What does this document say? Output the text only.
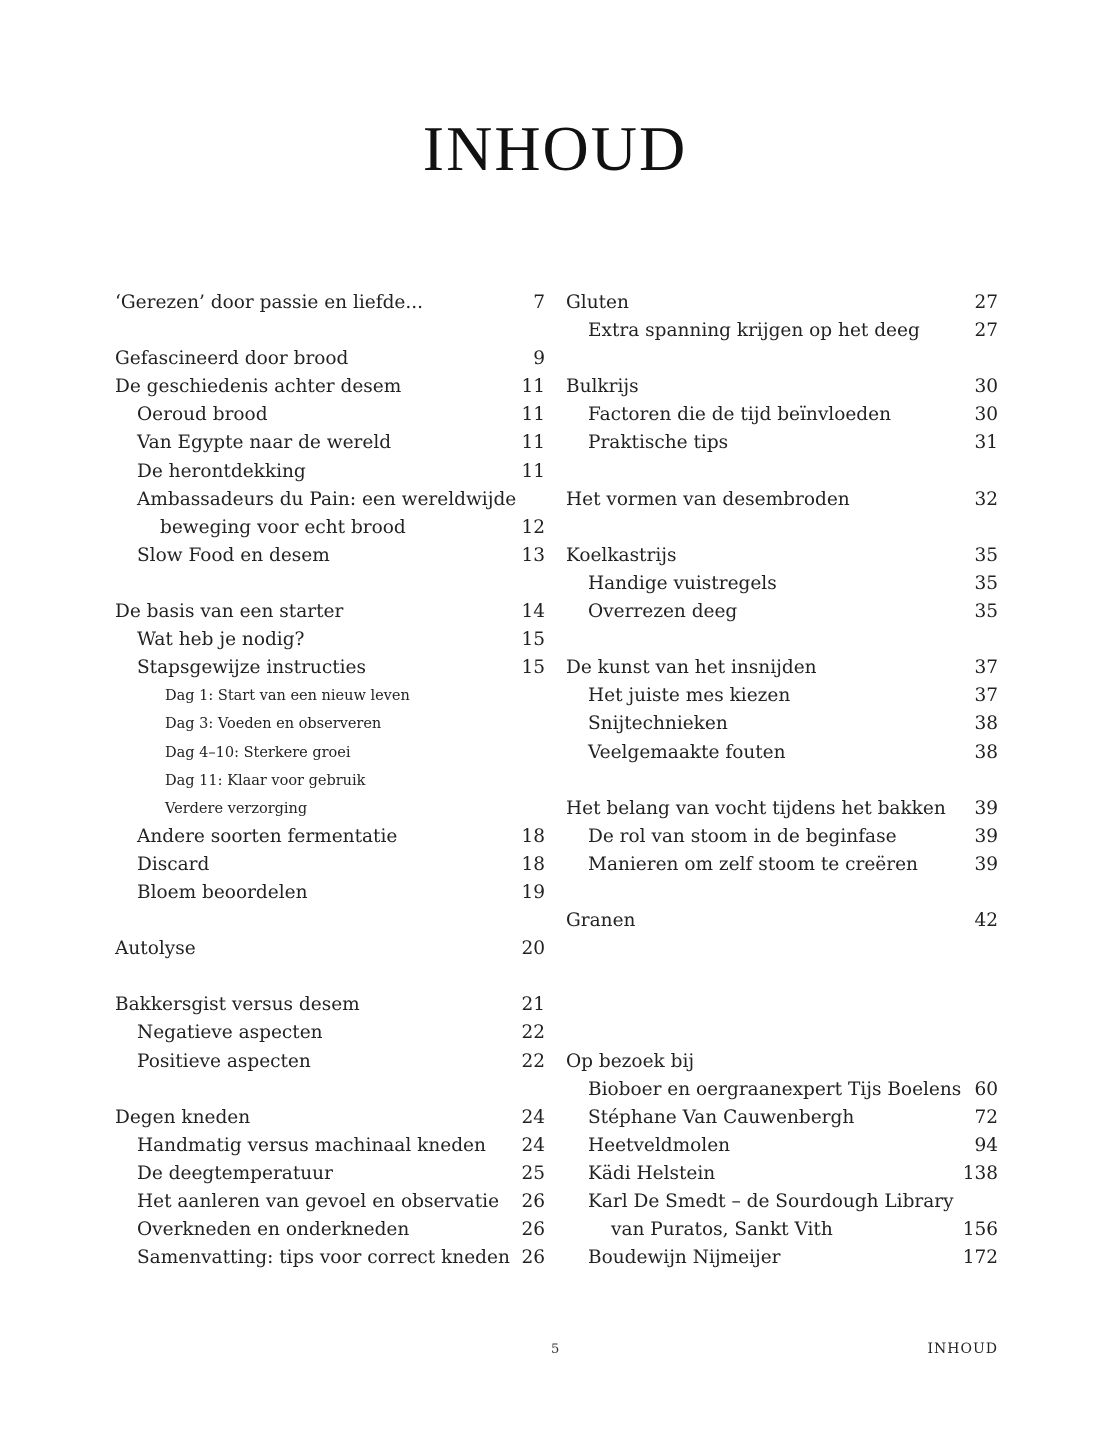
INHOUD
‘Gerezen’ door passie en liefde...	7
Gefascineerd door brood	9
De geschiedenis achter desem	11
Oeroud brood	11
Van Egypte naar de wereld	11
De herontdekking	11
Ambassadeurs du Pain: een wereldwijde
beweging voor echt brood	12
Slow Food en desem	13
De basis van een starter	14
Wat heb je nodig?	15
Stapsgewijze instructies	15
Dag 1: Start van een nieuw leven
Dag 3: Voeden en observeren
Dag 4–10: Sterkere groei
Dag 11: Klaar voor gebruik
Verdere verzorging
Andere soorten fermentatie	18
Discard	18
Bloem beoordelen	19
Autolyse	20
Bakkersgist versus desem	21
Negatieve aspecten	22
Positieve aspecten	22
Degen kneden	24
Handmatig versus machinaal kneden 24
De deegtemperatuur	25
Het aanleren van gevoel en observatie 26
Overkneden en onderkneden	26
Samenvatting: tips voor correct kneden 26
Gluten	27
Extra spanning krijgen op het deeg	27
Bulkrijs	30
Factoren die de tijd beïnvloeden	30
Praktische tips	31
Het vormen van desembroden	32
Koelkastrijs	35
Handige vuistregels	35
Overrezen deeg	35
De kunst van het insnijden	37
Het juiste mes kiezen	37
Snijtechnieken	38
Veelgemaakte fouten	38
Het belang van vocht tijdens het bakken 39
De rol van stoom in de beginfase	39
Manieren om zelf stoom te creëren	39
Granen	42
Op bezoek bij
Bioboer en oergraanexpert Tijs Boelens 60
Stéphane Van Cauwenbergh	72
Heetveldmolen	94
Kädi Helstein	138
Karl De Smedt – de Sourdough Library
van Puratos, Sankt Vith	156
Boudewijn Nijmeijer	172
5	INHOUD
